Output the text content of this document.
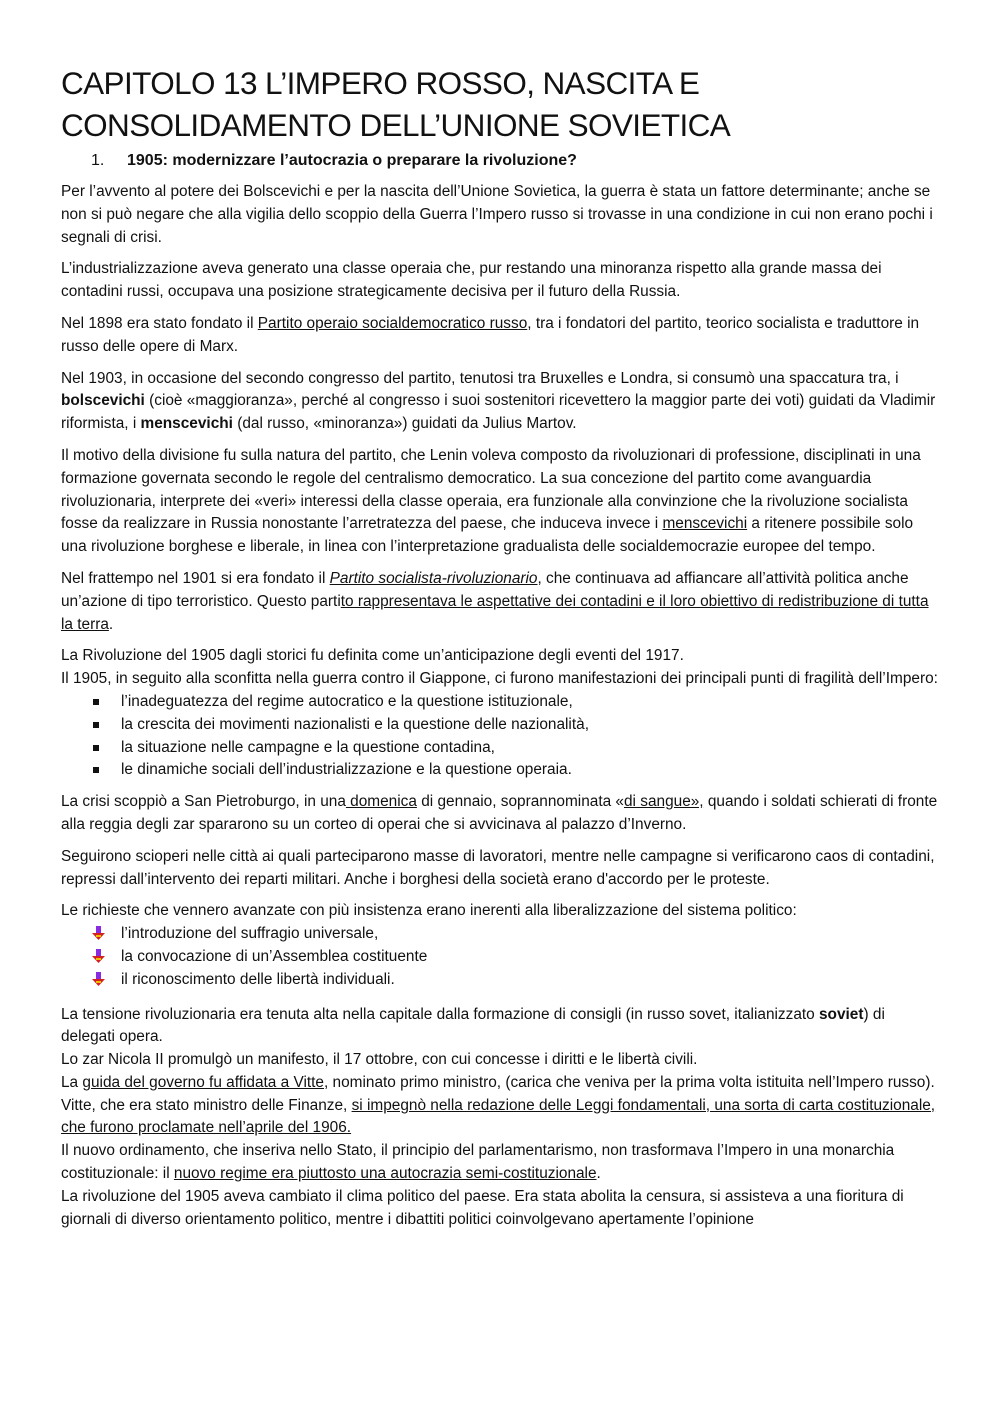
CAPITOLO 13 L’IMPERO ROSSO, NASCITA E CONSOLIDAMENTO DELL’UNIONE SOVIETICA
1. 1905: modernizzare l’autocrazia o preparare la rivoluzione?

Per l’avvento al potere dei Bolscevichi e per la nascita dell’Unione Sovietica, la guerra è stata un fattore determinante; anche se non si può negare che alla vigilia dello scoppio della Guerra l’Impero russo si trovasse in una condizione in cui non erano pochi i segnali di crisi.

L’industrializzazione aveva generato una classe operaia che, pur restando una minoranza rispetto alla grande massa dei contadini russi, occupava una posizione strategicamente decisiva per il futuro della Russia.

Nel 1898 era stato fondato il Partito operaio socialdemocratico russo, tra i fondatori del partito, teorico socialista e traduttore in russo delle opere di Marx.

Nel 1903, in occasione del secondo congresso del partito, tenutosi tra Bruxelles e Londra, si consumò una spaccatura tra, i bolscevichi (cioè «maggioranza», perché al congresso i suoi sostenitori ricevettero la maggior parte dei voti) guidati da Vladimir riformista, i menscevichi (dal russo, «minoranza») guidati da Julius Martov.

Il motivo della divisione fu sulla natura del partito, che Lenin voleva composto da rivoluzionari di professione, disciplinati in una formazione governata secondo le regole del centralismo democratico. La sua concezione del partito come avanguardia rivoluzionaria, interprete dei «veri» interessi della classe operaia, era funzionale alla convinzione che la rivoluzione socialista fosse da realizzare in Russia nonostante l’arretratezza del paese, che induceva invece i menscevichi a ritenere possibile solo una rivoluzione borghese e liberale, in linea con l’interpretazione gradualista delle socialdemocrazie europee del tempo.

Nel frattempo nel 1901 si era fondato il Partito socialista-rivoluzionario, che continuava ad affiancare all’attività politica anche un’azione di tipo terroristico. Questo partito rappresentava le aspettative dei contadini e il loro obiettivo di redistribuzione di tutta la terra.

La Rivoluzione del 1905 dagli storici fu definita come un’anticipazione degli eventi del 1917.
Il 1905, in seguito alla sconfitta nella guerra contro il Giappone, ci furono manifestazioni dei principali punti di fragilità dell’Impero:
l’inadeguatezza del regime autocratico e la questione istituzionale,
la crescita dei movimenti nazionalisti e la questione delle nazionalità,
la situazione nelle campagne e la questione contadina,
le dinamiche sociali dell’industrializzazione e la questione operaia.

La crisi scoppiò a San Pietroburgo, in una domenica di gennaio, soprannominata «di sangue», quando i soldati schierati di fronte alla reggia degli zar spararono su un corteo di operai che si avvicinava al palazzo d’Inverno.

Seguirono scioperi nelle città ai quali parteciparono masse di lavoratori, mentre nelle campagne si verificarono caos di contadini, repressi dall’intervento dei reparti militari. Anche i borghesi della società erano d'accordo per le proteste.

Le richieste che vennero avanzate con più insistenza erano inerenti alla liberalizzazione del sistema politico:
l’introduzione del suffragio universale,
la convocazione di un’Assemblea costituente
il riconoscimento delle libertà individuali.
La tensione rivoluzionaria era tenuta alta nella capitale dalla formazione di consigli (in russo sovet, italianizzato soviet) di delegati opera.
Lo zar Nicola II promulgò un manifesto, il 17 ottobre, con cui concesse i diritti e le libertà civili.
La guida del governo fu affidata a Vitte, nominato primo ministro, (carica che veniva per la prima volta istituita nell’Impero russo). Vitte, che era stato ministro delle Finanze, si impegnò nella redazione delle Leggi fondamentali, una sorta di carta costituzionale, che furono proclamate nell’aprile del 1906.
Il nuovo ordinamento, che inseriva nello Stato, il principio del parlamentarismo, non trasformava l’Impero in una monarchia costituzionale: il nuovo regime era piuttosto una autocrazia semi-costituzionale.
La rivoluzione del 1905 aveva cambiato il clima politico del paese. Era stata abolita la censura, si assisteva a una fioritura di giornali di diverso orientamento politico, mentre i dibattiti politici coinvolgevano apertamente l’opinione
